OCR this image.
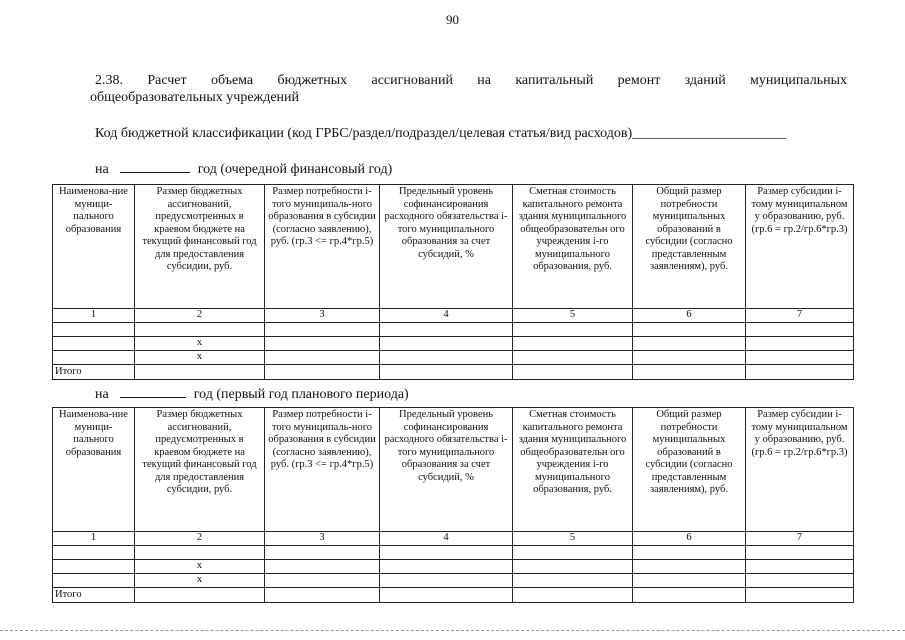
90
2.38. Расчет объема бюджетных ассигнований на капитальный ремонт зданий муниципальных
общеобразовательных учреждений
Код бюджетной классификации (код ГРБС/раздел/подраздел/целевая статья/вид расходов)______________________
на	год (очередной финансовый год)
Наименова-ние муници-пального образования	Размер бюджетных ассигнований, предусмотренных в краевом бюджете на текущий финансовый год для предоставления субсидии, руб.	Размер потребности i-того муниципаль-ного образования в субсидии (согласно заявлению), руб. (гр.3 <= гр.4*гр.5)	Предельный уровень софинансирования расходного обязательства i-того муниципального образования за счет субсидий, %	Сметная стоимость капитального ремонта здания муниципального общеобразовательн ого учреждения i-го муниципального образования, руб.	Общий размер потребности муниципальных образований в субсидии (согласно представленным заявлениям), руб.	Размер субсидии i-тому муниципальном у образованию, руб. (гр.6 = гр.2/гр.6*гр.3)
1	2	3	4	5	6	7

	x					
	x					
Итого						
на	год (первый год планового периода)
Наименова-ние муници-пального образования	Размер бюджетных ассигнований, предусмотренных в краевом бюджете на текущий финансовый год для предоставления субсидии, руб.	Размер потребности i-того муниципаль-ного образования в субсидии (согласно заявлению), руб. (гр.3 <= гр.4*гр.5)	Предельный уровень софинансирования расходного обязательства i-того муниципального образования за счет субсидий, %	Сметная стоимость капитального ремонта здания муниципального общеобразовательн ого учреждения i-го муниципального образования, руб.	Общий размер потребности муниципальных образований в субсидии (согласно представленным заявлениям), руб.	Размер субсидии i-тому муниципальном у образованию, руб. (гр.6 = гр.2/гр.6*гр.3)
1	2	3	4	5	6	7

	x					
	x					
Итого						
